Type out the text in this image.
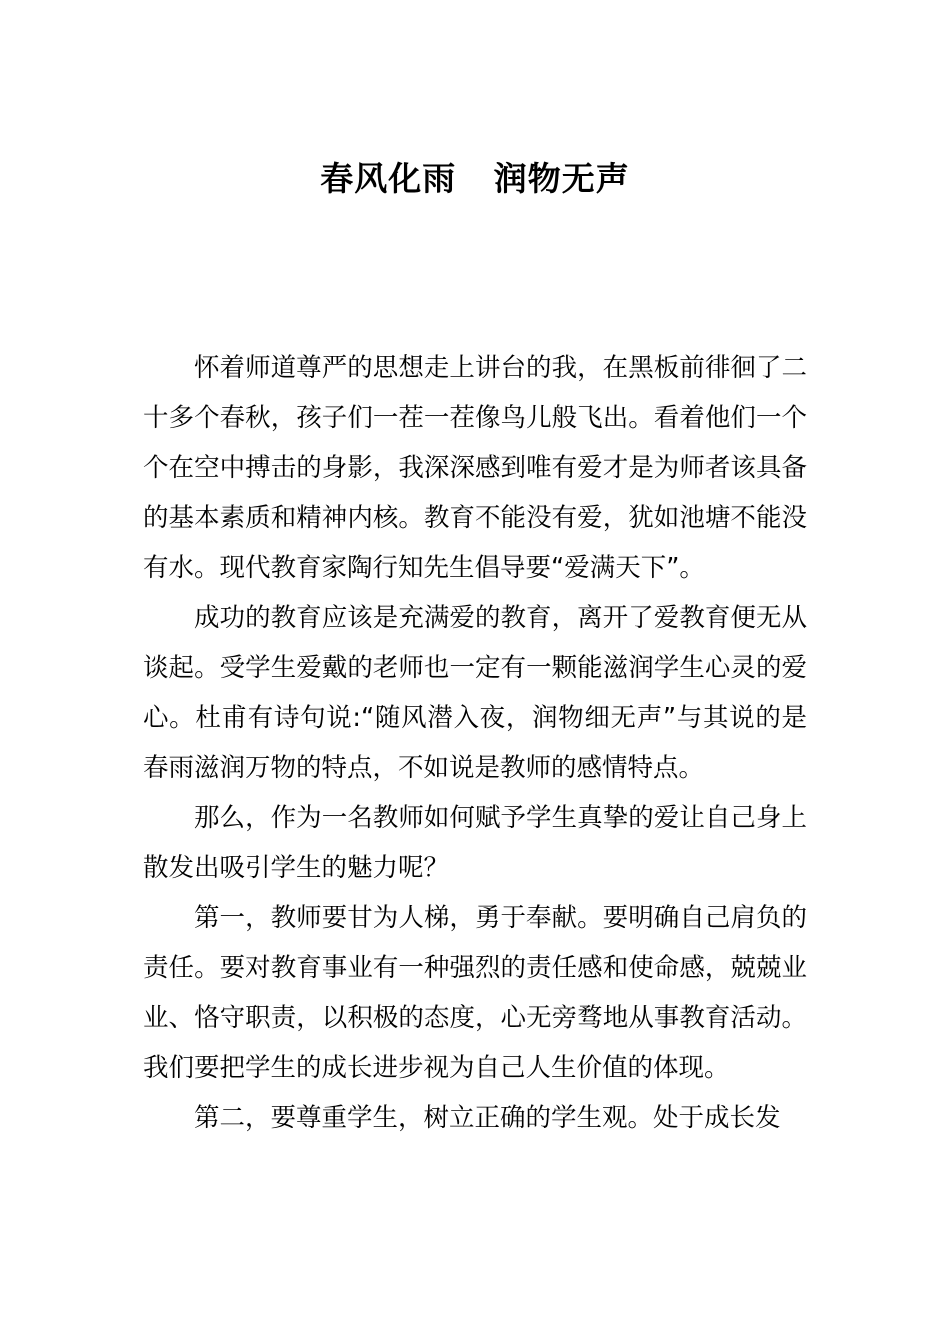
春风化雨   润物无声

怀着师道尊严的思想走上讲台的我，在黑板前徘徊了二十多个春秋，孩子们一茬一茬像鸟儿般飞出。看着他们一个个在空中搏击的身影，我深深感到唯有爱才是为师者该具备的基本素质和精神内核。教育不能没有爱，犹如池塘不能没有水。现代教育家陶行知先生倡导要“爱满天下”。

成功的教育应该是充满爱的教育，离开了爱教育便无从谈起。受学生爱戴的老师也一定有一颗能滋润学生心灵的爱心。杜甫有诗句说:“随风潜入夜，润物细无声”与其说的是春雨滋润万物的特点，不如说是教师的感情特点。

那么，作为一名教师如何赋予学生真挚的爱让自己身上散发出吸引学生的魅力呢？

第一，教师要甘为人梯，勇于奉献。要明确自己肩负的责任。要对教育事业有一种强烈的责任感和使命感，兢兢业业、恪守职责，以积极的态度，心无旁骛地从事教育活动。我们要把学生的成长进步视为自己人生价值的体现。

第二，要尊重学生，树立正确的学生观。处于成长发
